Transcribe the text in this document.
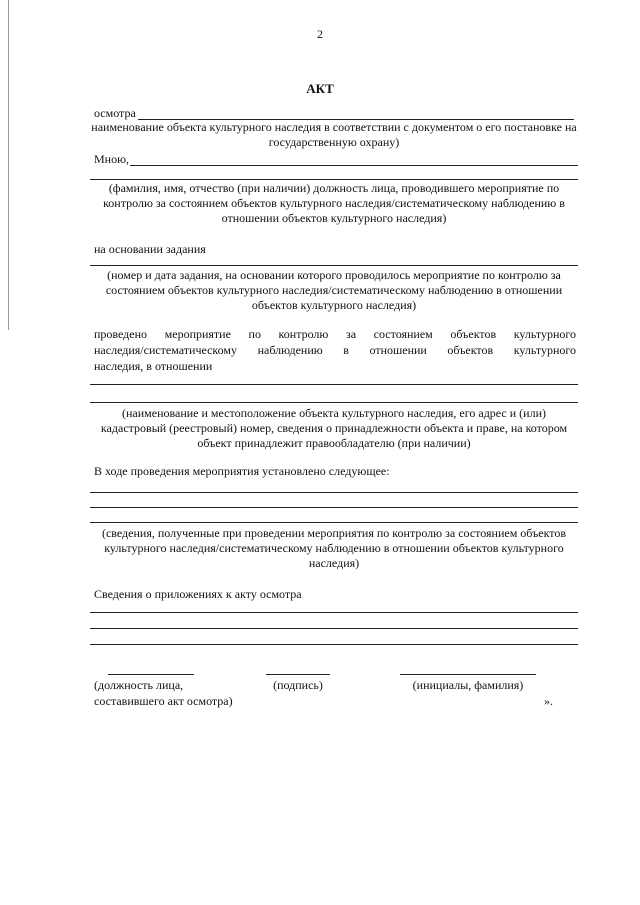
2
АКТ
осмотра
наименование объекта культурного наследия в соответствии с документом о его постановке на государственную охрану)
Мною,
(фамилия, имя, отчество (при наличии) должность лица, проводившего мероприятие по контролю за состоянием объектов культурного наследия/систематическому наблюдению в отношении объектов культурного наследия)
на основании задания
(номер и дата задания, на основании которого проводилось мероприятие по контролю за состоянием объектов культурного наследия/систематическому наблюдению в отношении объектов культурного наследия)
проведено мероприятие по контролю за состоянием объектов культурного
наследия/систематическому наблюдению в отношении объектов культурного
наследия, в отношении
(наименование и местоположение объекта культурного наследия, его адрес и (или) кадастровый (реестровый) номер, сведения о принадлежности объекта и праве, на котором объект принадлежит правообладателю (при наличии)
В ходе проведения мероприятия установлено следующее:
(сведения, полученные при проведении мероприятия по контролю за состоянием объектов культурного наследия/систематическому наблюдению в отношении объектов культурного наследия)
Сведения о приложениях к акту осмотра
(должность лица,
составившего акт осмотра)
(подпись)	(инициалы, фамилия)
».
